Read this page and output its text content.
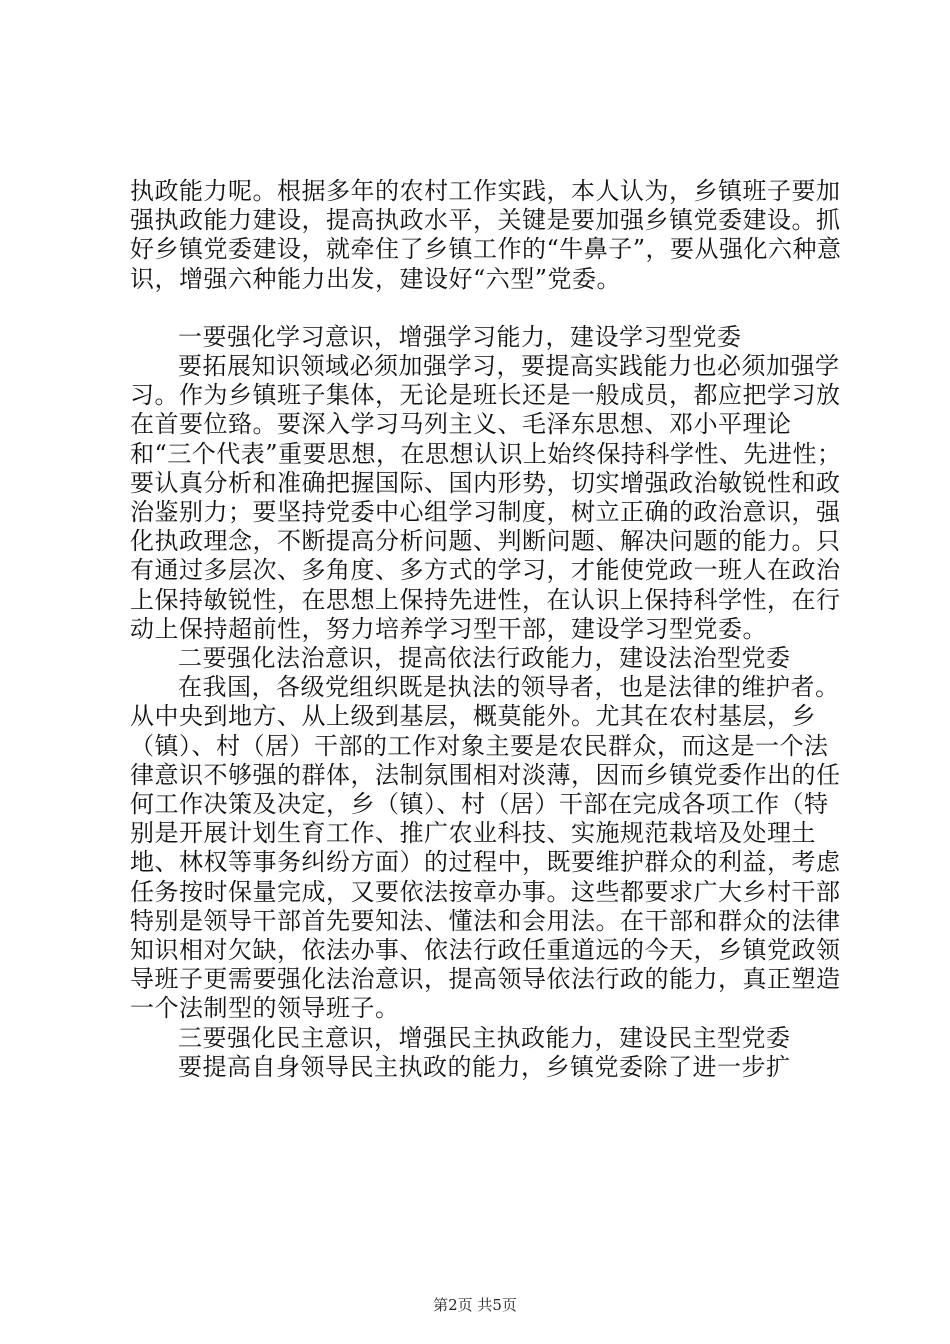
执政能力呢。根据多年的农村工作实践，本人认为，乡镇班子要加强执政能力建设，提高执政水平，关键是要加强乡镇党委建设。抓好乡镇党委建设，就牵住了乡镇工作的“牛鼻子”，要从强化六种意识，增强六种能力出发，建设好“六型”党委。

一要强化学习意识，增强学习能力，建设学习型党委

要拓展知识领域必须加强学习，要提高实践能力也必须加强学习。作为乡镇班子集体，无论是班长还是一般成员，都应把学习放在首要位臵。要深入学习马列主义、毛泽东思想、邓小平理论和“三个代表”重要思想，在思想认识上始终保持科学性、先进性；要认真分析和准确把握国际、国内形势，切实增强政治敏锐性和政治鉴别力；要坚持党委中心组学习制度，树立正确的政治意识，强化执政理念，不断提高分析问题、判断问题、解决问题的能力。只有通过多层次、多角度、多方式的学习，才能使党政一班人在政治上保持敏锐性，在思想上保持先进性，在认识上保持科学性，在行动上保持超前性，努力培养学习型干部，建设学习型党委。

二要强化法治意识，提高依法行政能力，建设法治型党委

在我国，各级党组织既是执法的领导者，也是法律的维护者。从中央到地方、从上级到基层，概莫能外。尤其在农村基层，乡（镇）、村（居）干部的工作对象主要是农民群众，而这是一个法律意识不够强的群体，法制氛围相对淡薄，因而乡镇党委作出的任何工作决策及决定，乡（镇）、村（居）干部在完成各项工作（特别是开展计划生育工作、推广农业科技、实施规范栽培及处理土地、林权等事务纠纷方面）的过程中，既要维护群众的利益，考虑任务按时保量完成，又要依法按章办事。这些都要求广大乡村干部特别是领导干部首先要知法、懂法和会用法。在干部和群众的法律知识相对欠缺，依法办事、依法行政任重道远的今天，乡镇党政领导班子更需要强化法治意识，提高领导依法行政的能力，真正塑造一个法制型的领导班子。

三要强化民主意识，增强民主执政能力，建设民主型党委

要提高自身领导民主执政的能力，乡镇党委除了进一步扩

第2页 共5页
